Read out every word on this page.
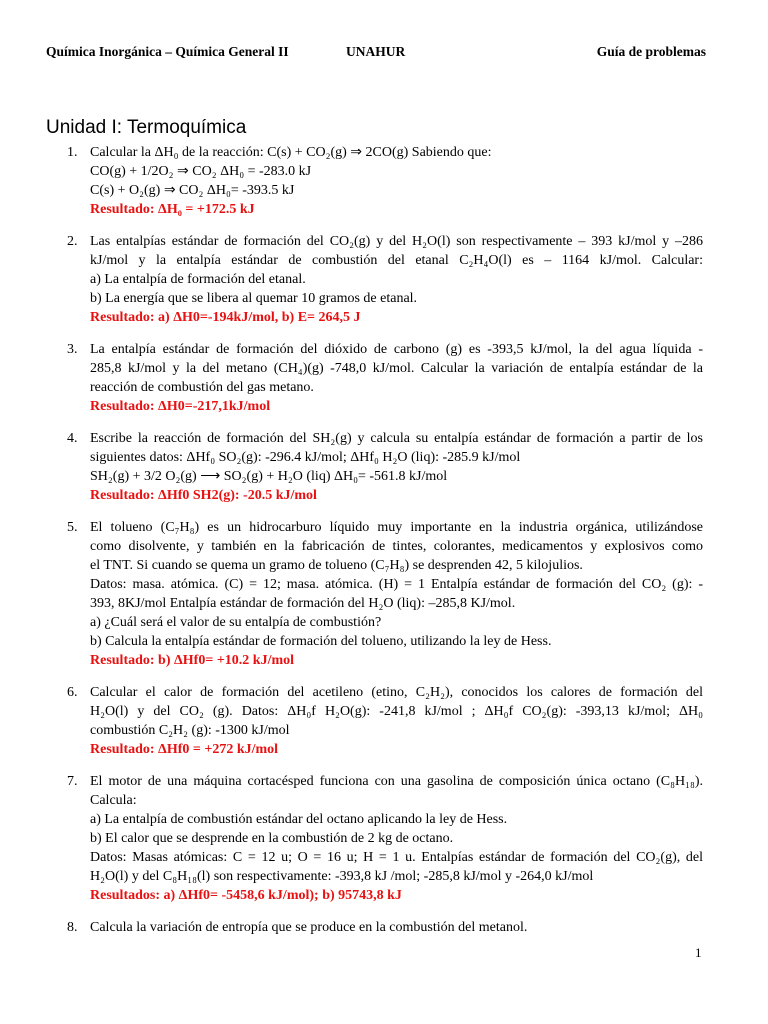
Química Inorgánica – Química General II	UNAHUR	Guía de problemas
Unidad I: Termoquímica
1. Calcular la ΔH₀ de la reacción: C(s) + CO₂(g) ⇒ 2CO(g) Sabiendo que:
CO(g) + 1/2O₂ ⇒ CO₂ ΔH₀ = -283.0 kJ
C(s) + O₂(g) ⇒ CO₂ ΔH₀= -393.5 kJ
Resultado: ΔH₀ = +172.5 kJ
2. Las entalpías estándar de formación del CO₂(g) y del H₂O(l) son respectivamente – 393 kJ/mol y –286
kJ/mol y la entalpía estándar de combustión del etanal C₂H₄O(l) es – 1164 kJ/mol. Calcular:
a) La entalpía de formación del etanal.
b) La energía que se libera al quemar 10 gramos de etanal.
Resultado: a) ΔH0=-194kJ/mol, b) E= 264,5 J
3. La entalpía estándar de formación del dióxido de carbono (g) es -393,5 kJ/mol, la del agua líquida -
285,8 kJ/mol y la del metano (CH₄)(g) -748,0 kJ/mol. Calcular la variación de entalpía estándar de la
reacción de combustión del gas metano.
Resultado: ΔH0=-217,1kJ/mol
4. Escribe la reacción de formación del SH₂(g) y calcula su entalpía estándar de formación a partir de los
siguientes datos: ΔHf₀ SO₂(g): -296.4 kJ/mol; ΔHf₀ H₂O (liq): -285.9 kJ/mol
SH₂(g) + 3/2 O₂(g) ⟶ SO₂(g) + H₂O (liq) ΔH₀= -561.8 kJ/mol
Resultado: ΔHf0 SH2(g): -20.5 kJ/mol
5. El tolueno (C₇H₈) es un hidrocarburo líquido muy importante en la industria orgánica, utilizándose
como disolvente, y también en la fabricación de tintes, colorantes, medicamentos y explosivos como
el TNT. Si cuando se quema un gramo de tolueno (C₇H₈) se desprenden 42, 5 kilojulios.
Datos: masa. atómica. (C) = 12; masa. atómica. (H) = 1 Entalpía estándar de formación del CO₂ (g): -
393, 8KJ/mol Entalpía estándar de formación del H₂O (liq): –285,8 KJ/mol.
a) ¿Cuál será el valor de su entalpía de combustión?
b) Calcula la entalpía estándar de formación del tolueno, utilizando la ley de Hess.
Resultado: b) ΔHf0= +10.2 kJ/mol
6. Calcular el calor de formación del acetileno (etino, C₂H₂), conocidos los calores de formación del
H₂O(l) y del CO₂ (g). Datos: ΔH₀f H₂O(g): -241,8 kJ/mol ; ΔH₀f CO₂(g): -393,13 kJ/mol; ΔH₀
combustión C₂H₂ (g): -1300 kJ/mol
Resultado: ΔHf0 = +272 kJ/mol
7. El motor de una máquina cortacésped funciona con una gasolina de composición única octano (C₈H₁₈).
Calcula:
a) La entalpía de combustión estándar del octano aplicando la ley de Hess.
b) El calor que se desprende en la combustión de 2 kg de octano.
Datos: Masas atómicas: C = 12 u; O = 16 u; H = 1 u. Entalpías estándar de formación del CO₂(g), del
H₂O(l) y del C₈H₁₈(l) son respectivamente: -393,8 kJ /mol; -285,8 kJ/mol y -264,0 kJ/mol
Resultados: a) ΔHf0= -5458,6 kJ/mol); b) 95743,8 kJ
8. Calcula la variación de entropía que se produce en la combustión del metanol.
1
